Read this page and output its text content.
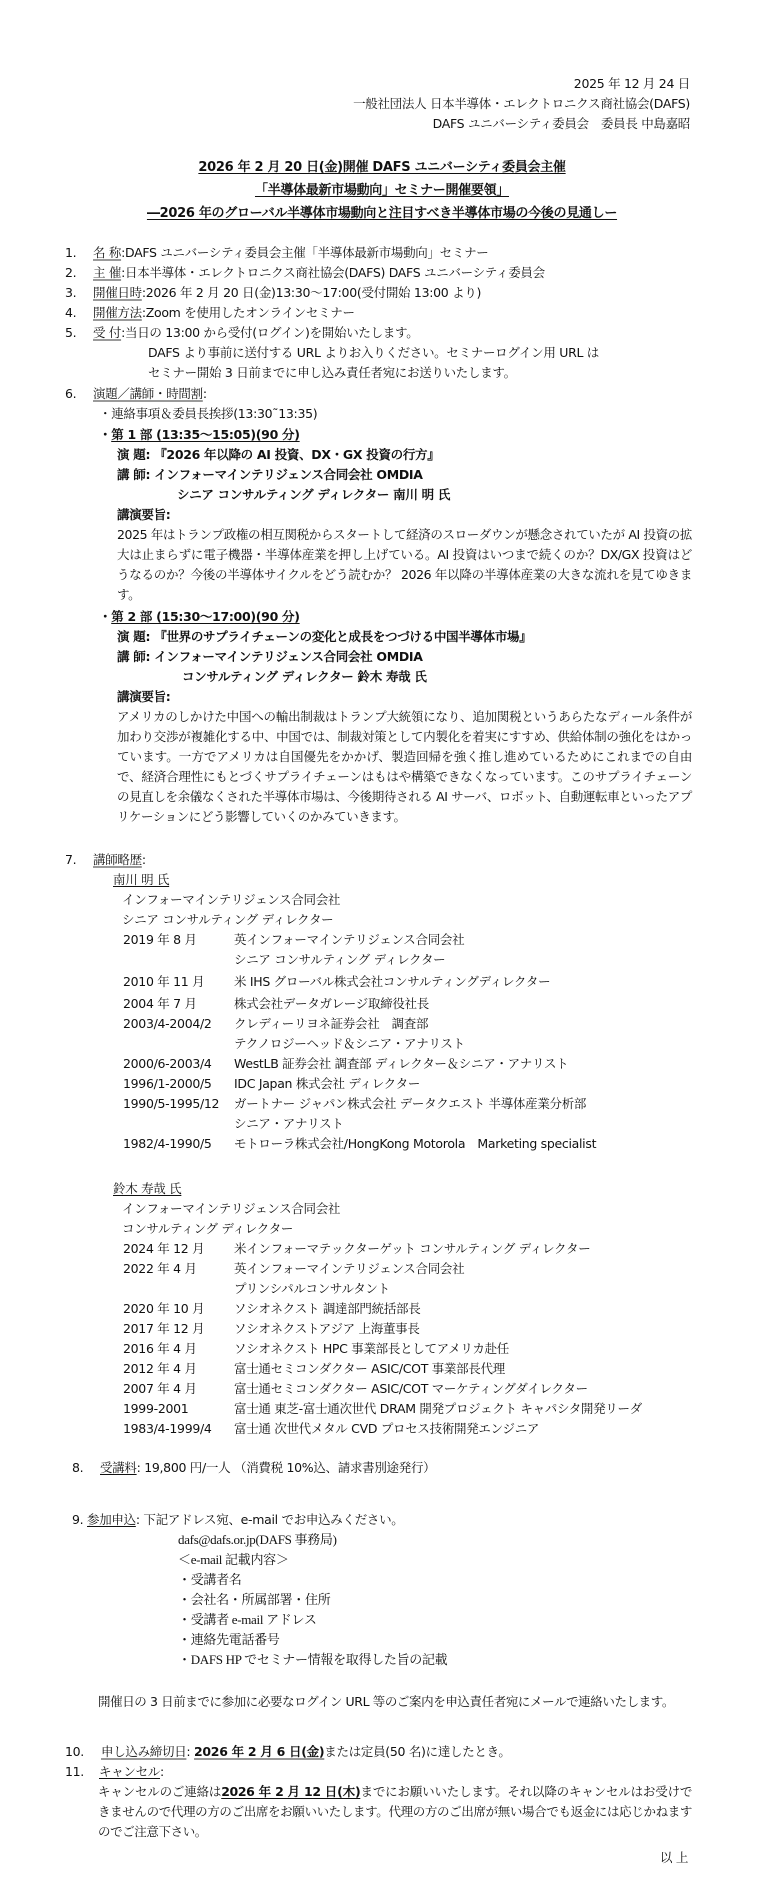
2025 年 12 月 24 日
一般社団法人 日本半導体・エレクトロニクス商社協会(DAFS)
DAFS ユニバーシティ委員会　委員長 中島嘉昭
2026 年 2 月 20 日(金)開催 DAFS ユニバーシティ委員会主催
「半導体最新市場動向」セミナー開催要領」
―2026 年のグローバル半導体市場動向と注目すべき半導体市場の今後の見通しー
1. 名 称:DAFS ユニバーシティ委員会主催「半導体最新市場動向」セミナー
2. 主 催:日本半導体・エレクトロニクス商社協会(DAFS) DAFS ユニバーシティ委員会
3. 開催日時:2026 年 2 月 20 日(金)13:30～17:00(受付開始 13:00 より)
4. 開催方法:Zoom を使用したオンラインセミナー
5. 受 付:当日の 13:00 から受付(ログイン)を開始いたします。
DAFS より事前に送付する URL よりお入りください。セミナーログイン用 URL は
セミナー開始 3 日前までに申し込み責任者宛にお送りいたします。
6. 演題／講師・時間割:
・連絡事項＆委員長挨拶(13:30˜13:35)
・第 1 部 (13:35～15:05)(90 分)
演 題: 『2026 年以降の AI 投資、DX・GX 投資の行方』
講 師: インフォーマインテリジェンス合同会社 OMDIA
シニア コンサルティング ディレクター 南川 明 氏
講演要旨:
2025 年はトランプ政権の相互関税からスタートして経済のスローダウンが懸念されていたが AI 投資の拡大は止まらずに電子機器・半導体産業を押し上げている。AI 投資はいつまで続くのか？DX/GX 投資はどうなるのか？今後の半導体サイクルをどう読むか？ 2026 年以降の半導体産業の大きな流れを見てゆきます。
・第 2 部 (15:30～17:00)(90 分)
演 題: 『世界のサプライチェーンの変化と成長をつづける中国半導体市場』
講 師: インフォーマインテリジェンス合同会社 OMDIA
コンサルティング ディレクター 鈴木 寿哉 氏
講演要旨:
アメリカのしかけた中国への輸出制裁はトランプ大統領になり、追加関税というあらたなディール条件が加わり交渉が複雑化する中、中国では、制裁対策として内製化を着実にすすめ、供給体制の強化をはかっています。一方でアメリカは自国優先をかかげ、製造回帰を強く推し進めているためにこれまでの自由で、経済合理性にもとづくサプライチェーンはもはや構築できなくなっています。このサプライチェーンの見直しを余儀なくされた半導体市場は、今後期待される AI サーバ、ロボット、自動運転車といったアプリケーションにどう影響していくのかみていきます。
7. 講師略歴:
南川 明 氏
インフォーマインテリジェンス合同会社
シニア コンサルティング ディレクター
2019 年 8 月	英インフォーマインテリジェンス合同会社
シニア コンサルティング ディレクター
2010 年 11 月 米 IHS グローバル株式会社コンサルティングディレクター
2004 年 7 月	株式会社データガレージ取締役社長
2003/4-2004/2 クレディーリヨネ証券会社　調査部
テクノロジーヘッド＆シニア・アナリスト
2000/6-2003/4 WestLB 証券会社 調査部 ディレクター＆シニア・アナリスト
1996/1-2000/5 IDC Japan 株式会社 ディレクター
1990/5-1995/12 ガートナー ジャパン株式会社 データクエスト 半導体産業分析部
シニア・アナリスト
1982/4-1990/5 モトローラ株式会社/HongKong Motorola　Marketing specialist
鈴木 寿哉 氏
インフォーマインテリジェンス合同会社
コンサルティング ディレクター
2024 年 12 月 米インフォーマテックターゲット コンサルティング ディレクター
2022 年 4 月	英インフォーマインテリジェンス合同会社
プリンシパルコンサルタント
2020 年 10 月 ソシオネクスト 調達部門統括部長
2017 年 12 月 ソシオネクストアジア 上海董事長
2016 年 4 月	ソシオネクスト HPC 事業部長としてアメリカ赴任
2012 年 4 月	富士通セミコンダクター ASIC/COT 事業部長代理
2007 年 4 月	富士通セミコンダクター ASIC/COT マーケティングダイレクター
1999-2001	富士通 東芝-富士通次世代 DRAM 開発プロジェクト キャパシタ開発リーダ
1983/4-1999/4 富士通 次世代メタル CVD プロセス技術開発エンジニア
8. 受講料: 19,800 円/一人 （消費税 10%込、請求書別途発行）
9. 参加申込: 下記アドレス宛、e-mail でお申込みください。
dafs@dafs.or.jp(DAFS 事務局)
＜e-mail 記載内容＞
・受講者名
・会社名・所属部署・住所
・受講者 e-mail アドレス
・連絡先電話番号
・DAFS HP でセミナー情報を取得した旨の記載
開催日の 3 日前までに参加に必要なログイン URL 等のご案内を申込責任者宛にメールで連絡いたします。
10. 申し込み締切日: 2026 年 2 月 6 日(金)または定員(50 名)に達したとき。
11. キャンセル:
キャンセルのご連絡は2026 年 2 月 12 日(木)までにお願いいたします。それ以降のキャンセルはお受けできませんので代理の方のご出席をお願いいたします。代理の方のご出席が無い場合でも返金には応じかねますのでご注意下さい。
以 上
